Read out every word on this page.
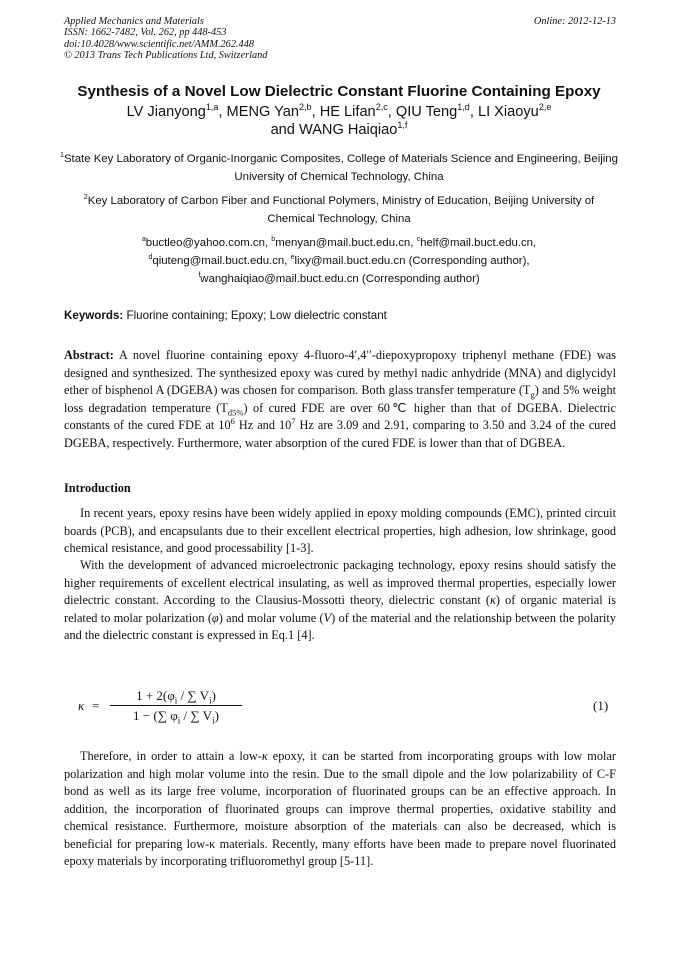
Applied Mechanics and Materials
ISSN: 1662-7482, Vol. 262, pp 448-453
doi:10.4028/www.scientific.net/AMM.262.448
© 2013 Trans Tech Publications Ltd, Switzerland
Online: 2012-12-13
Synthesis of a Novel Low Dielectric Constant Fluorine Containing Epoxy
LV Jianyong$^{1,a}$, MENG Yan$^{2,b}$, HE Lifan$^{2,c}$, QIU Teng$^{1,d}$, LI Xiaoyu$^{2,e}$
and WANG Haiqiao$^{1,f}$
$^1$State Key Laboratory of Organic-Inorganic Composites, College of Materials Science and Engineering, Beijing University of Chemical Technology, China
$^2$Key Laboratory of Carbon Fiber and Functional Polymers, Ministry of Education, Beijing University of Chemical Technology, China
$^a$buctleo@yahoo.com.cn, $^b$menyan@mail.buct.edu.cn, $^c$helf@mail.buct.edu.cn,
$^d$qiuteng@mail.buct.edu.cn, $^e$lixy@mail.buct.edu.cn (Corresponding author),
$^f$wanghaiqiao@mail.buct.edu.cn (Corresponding author)
Keywords: Fluorine containing; Epoxy; Low dielectric constant
Abstract: A novel fluorine containing epoxy 4-fluoro-4′,4′′-diepoxypropoxy triphenyl methane (FDE) was designed and synthesized. The synthesized epoxy was cured by methyl nadic anhydride (MNA) and diglycidyl ether of bisphenol A (DGEBA) was chosen for comparison. Both glass transfer temperature $(T_g)$ and 5% weight loss degradation temperature $(T_{d5\%})$ of cured FDE are over 60℃ higher than that of DGEBA. Dielectric constants of the cured FDE at $10^6$ Hz and $10^7$ Hz are 3.09 and 2.91, comparing to 3.50 and 3.24 of the cured DGEBA, respectively. Furthermore, water absorption of the cured FDE is lower than that of DGBEA.
Introduction
In recent years, epoxy resins have been widely applied in epoxy molding compounds (EMC), printed circuit boards (PCB), and encapsulants due to their excellent electrical properties, high adhesion, low shrinkage, good chemical resistance, and good processability [1-3].
With the development of advanced microelectronic packaging technology, epoxy resins should satisfy the higher requirements of excellent electrical insulating, as well as improved thermal properties, especially lower dielectric constant. According to the Clausius-Mossotti theory, dielectric constant (κ) of organic material is related to molar polarization (φ) and molar volume (V) of the material and the relationship between the polarity and the dielectric constant is expressed in Eq.1 [4].
κ =
$1 + 2(\varphi_i$ / ∑ $V_i$)
1 − (∑ $\varphi_i$ / ∑ $V_i$)
(1)
Therefore, in order to attain a low-κ epoxy, it can be started from incorporating groups with low molar polarization and high molar volume into the resin. Due to the small dipole and the low polarizability of C-F bond as well as its large free volume, incorporation of fluorinated groups can be an effective approach. In addition, the incorporation of fluorinated groups can improve thermal properties, oxidative stability and chemical resistance. Furthermore, moisture absorption of the materials can also be decreased, which is beneficial for preparing low-κ materials. Recently, many efforts have been made to prepare novel fluorinated epoxy materials by incorporating trifluoromethyl group [5-11].
